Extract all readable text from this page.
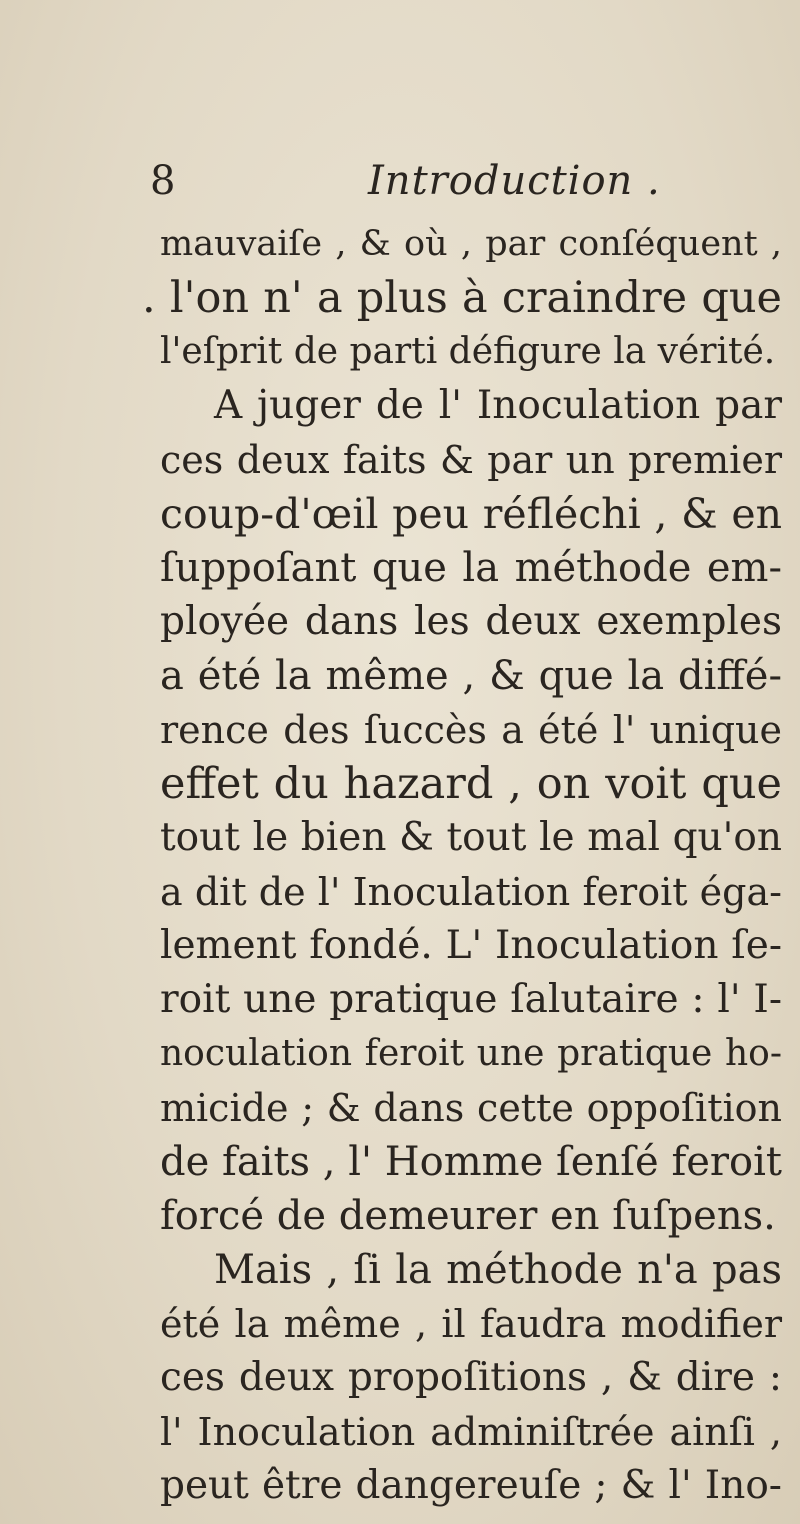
8	Introduction .
mauvaiſe , & où , par conſéquent ,
. l'on n' a plus à craindre que
l'eſprit de parti défigure la vérité.
A juger de l' Inoculation par
ces deux faits & par un premier
coup-d'œil peu réfléchi , & en
ſuppoſant que la méthode em-
ployée dans les deux exemples
a été la même , & que la diffé-
rence des ſuccès a été l' unique
effet du hazard , on voit que
tout le bien & tout le mal qu'on
a dit de l' Inoculation feroit éga-
lement fondé. L' Inoculation ſe-
roit une pratique ſalutaire : l' I-
noculation feroit une pratique ho-
micide ; & dans cette oppoſition
de faits , l' Homme ſenſé feroit
forcé de demeurer en ſuſpens.
Mais , ſi la méthode n'a pas
été la même , il faudra modifier
ces deux propoſitions , & dire :
l' Inoculation adminiſtrée ainſi ,
peut être dangereuſe ; & l' Ino-
